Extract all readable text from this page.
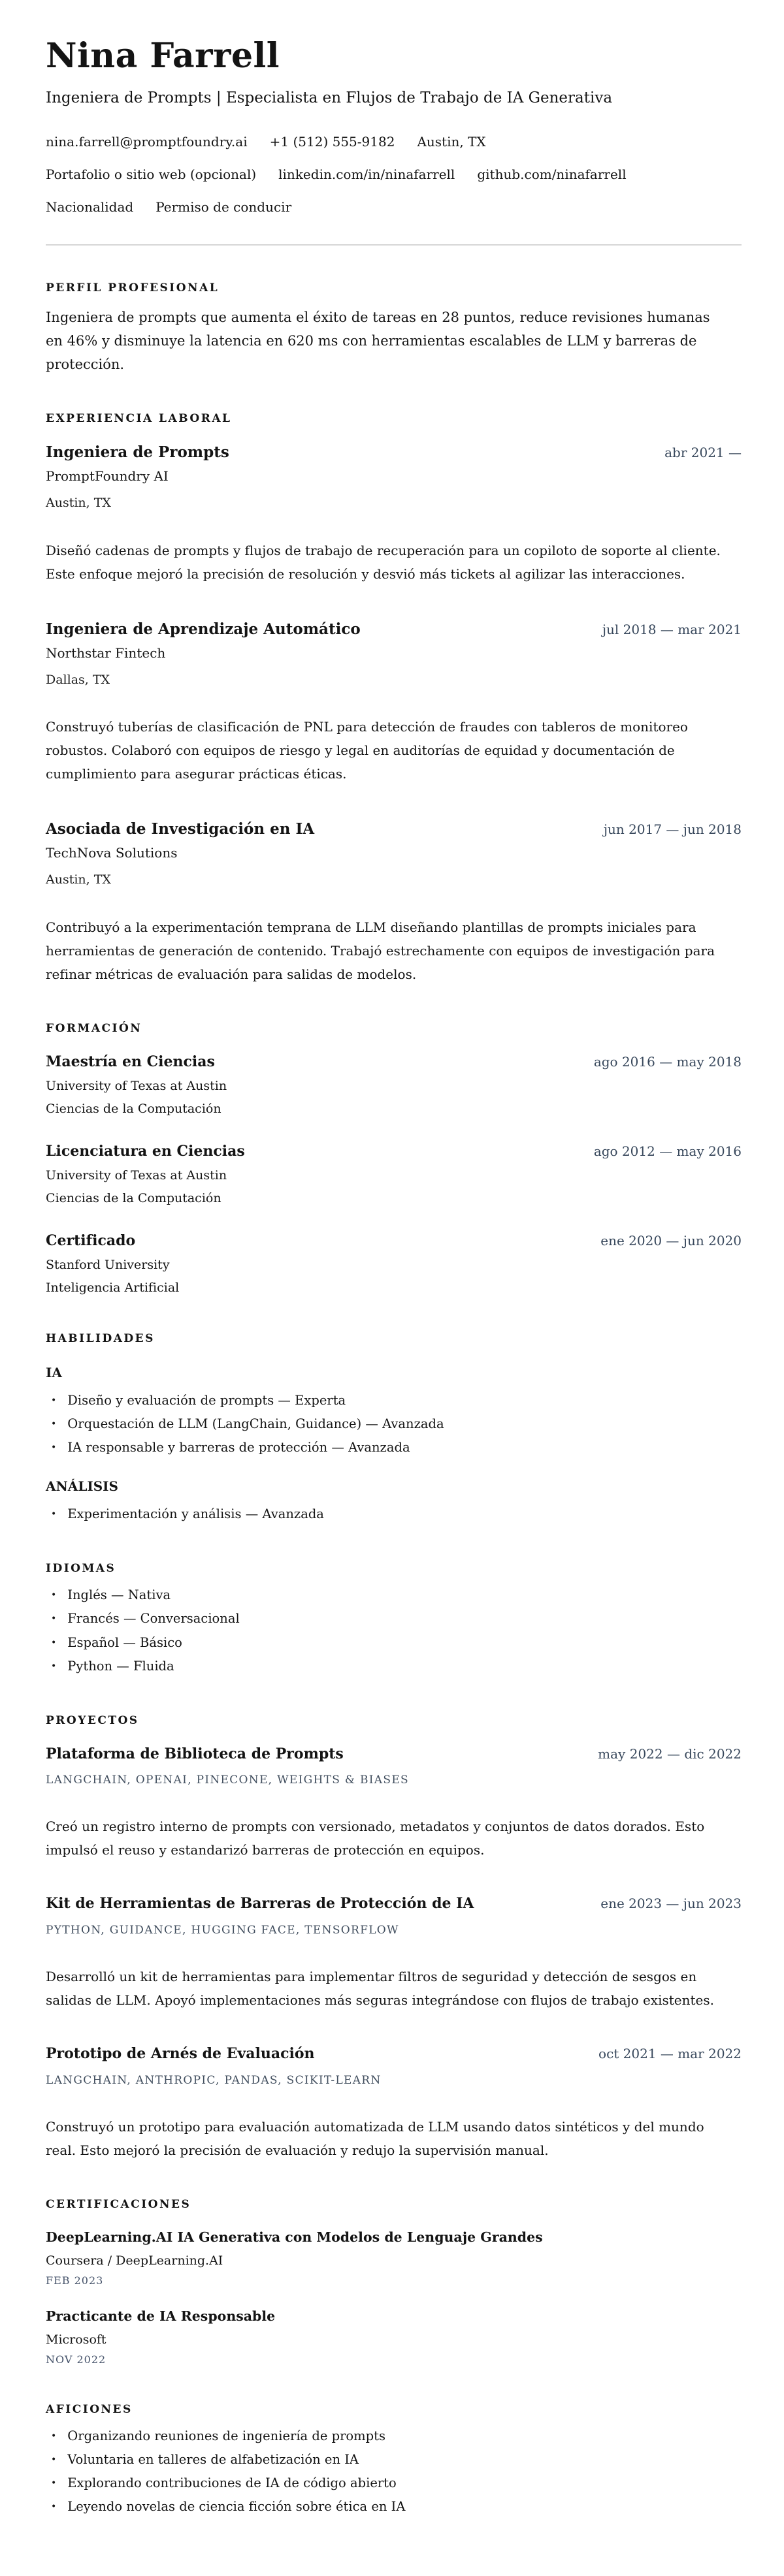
Nina Farrell

Ingeniera de Prompts | Especialista en Flujos de Trabajo de IA Generativa

nina.farrell@promptfoundry.ai +1 (512) 555-9182 Austin, TX
Portafolio o sitio web (opcional) linkedin.com/in/ninafarrell github.com/ninafarrell
Nacionalidad Permiso de conducir
PERFIL PROFESIONAL

Ingeniera de prompts que aumenta el éxito de tareas en 28 puntos, reduce revisiones humanas en 46% y disminuye la latencia en 620 ms con herramientas escalables de LLM y barreras de protección.

EXPERIENCIA LABORAL
Ingeniera de Prompts	abr 2021 —
PromptFoundry AI
Austin, TX

Diseñó cadenas de prompts y flujos de trabajo de recuperación para un copiloto de soporte al cliente. Este enfoque mejoró la precisión de resolución y desvió más tickets al agilizar las interacciones.

Ingeniera de Aprendizaje Automático	jul 2018 — mar 2021
Northstar Fintech
Dallas, TX

Construyó tuberías de clasificación de PNL para detección de fraudes con tableros de monitoreo robustos. Colaboró con equipos de riesgo y legal en auditorías de equidad y documentación de cumplimiento para asegurar prácticas éticas.

Asociada de Investigación en IA	jun 2017 — jun 2018
TechNova Solutions
Austin, TX

Contribuyó a la experimentación temprana de LLM diseñando plantillas de prompts iniciales para herramientas de generación de contenido. Trabajó estrechamente con equipos de investigación para refinar métricas de evaluación para salidas de modelos.

FORMACIÓN
Maestría en Ciencias	ago 2016 — may 2018
University of Texas at Austin
Ciencias de la Computación
Licenciatura en Ciencias	ago 2012 — may 2016
University of Texas at Austin
Ciencias de la Computación
Certificado	ene 2020 — jun 2020
Stanford University
Inteligencia Artificial
HABILIDADES
IA
• Diseño y evaluación de prompts — Experta
• Orquestación de LLM (LangChain, Guidance) — Avanzada
• IA responsable y barreras de protección — Avanzada
ANÁLISIS
• Experimentación y análisis — Avanzada
IDIOMAS
• Inglés — Nativa
• Francés — Conversacional
• Español — Básico
• Python — Fluida
PROYECTOS
Plataforma de Biblioteca de Prompts	may 2022 — dic 2022
LANGCHAIN, OPENAI, PINECONE, WEIGHTS & BIASES

Creó un registro interno de prompts con versionado, metadatos y conjuntos de datos dorados. Esto impulsó el reuso y estandarizó barreras de protección en equipos.

Kit de Herramientas de Barreras de Protección de IA	ene 2023 — jun 2023
PYTHON, GUIDANCE, HUGGING FACE, TENSORFLOW

Desarrolló un kit de herramientas para implementar filtros de seguridad y detección de sesgos en salidas de LLM. Apoyó implementaciones más seguras integrándose con flujos de trabajo existentes.

Prototipo de Arnés de Evaluación	oct 2021 — mar 2022
LANGCHAIN, ANTHROPIC, PANDAS, SCIKIT-LEARN

Construyó un prototipo para evaluación automatizada de LLM usando datos sintéticos y del mundo real. Esto mejoró la precisión de evaluación y redujo la supervisión manual.

CERTIFICACIONES
DeepLearning.AI IA Generativa con Modelos de Lenguaje Grandes
Coursera / DeepLearning.AI
FEB 2023
Practicante de IA Responsable
Microsoft
NOV 2022
AFICIONES
• Organizando reuniones de ingeniería de prompts
• Voluntaria en talleres de alfabetización en IA
• Explorando contribuciones de IA de código abierto
• Leyendo novelas de ciencia ficción sobre ética en IA
